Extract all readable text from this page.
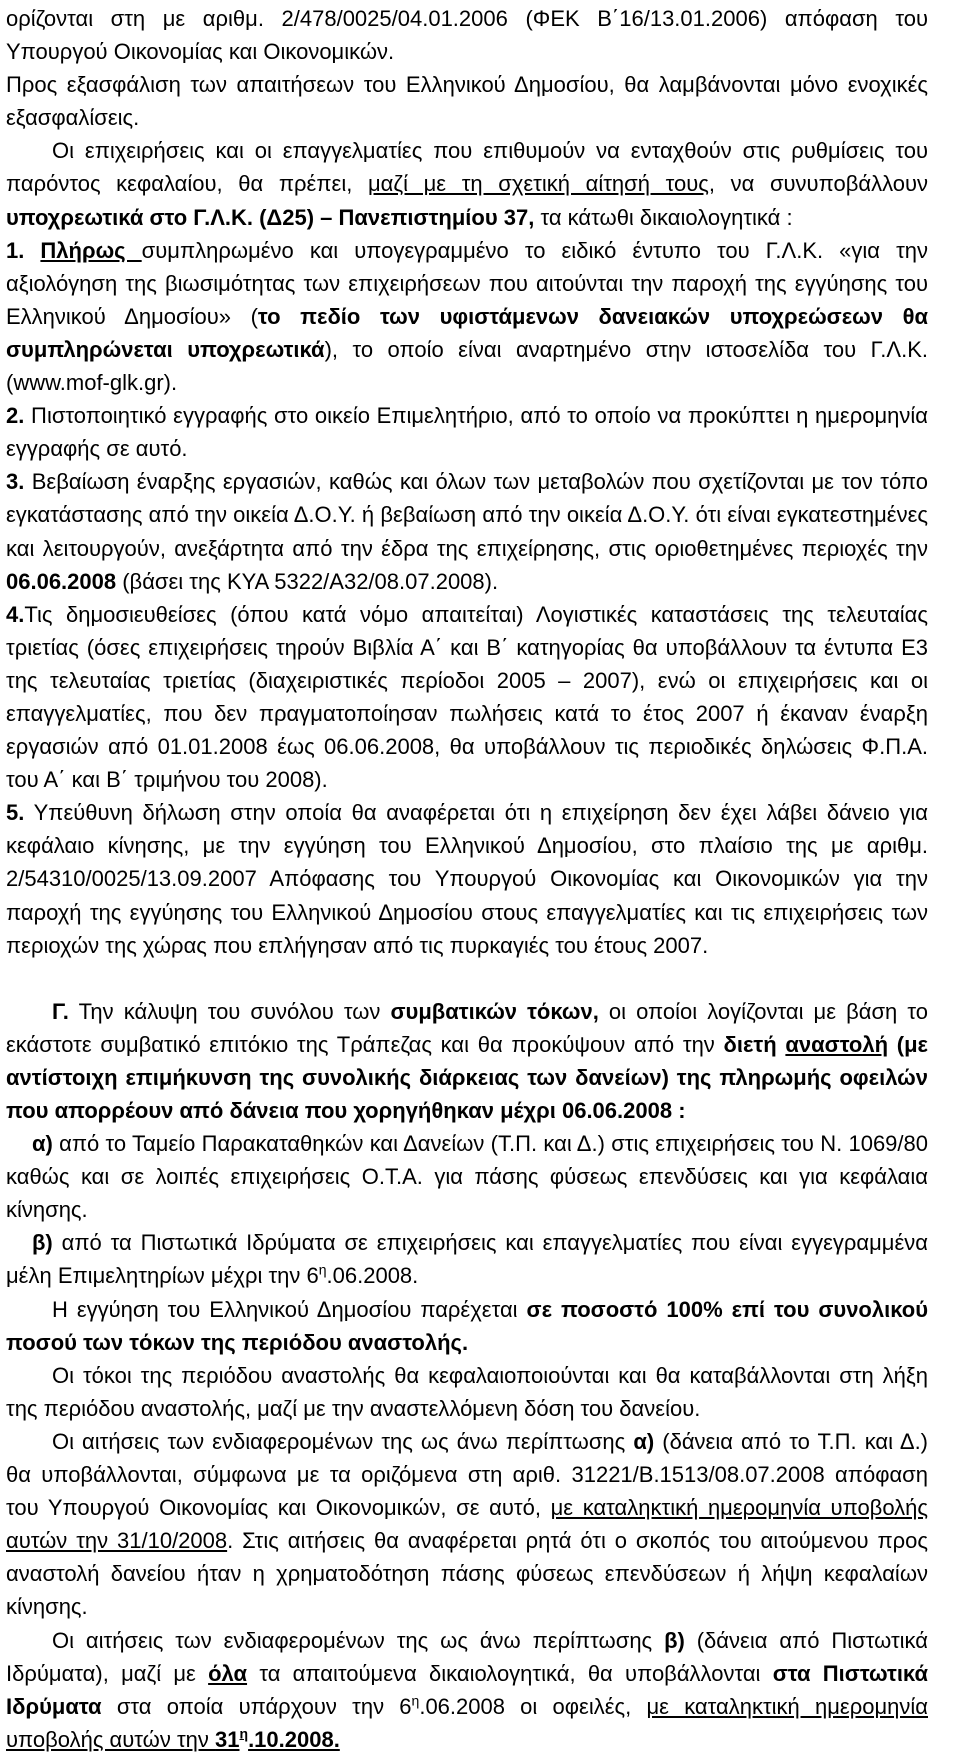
ορίζονται στη με αριθμ. 2/478/0025/04.01.2006 (ΦΕΚ Β΄16/13.01.2006) απόφαση του Υπουργού Οικονομίας και Οικονομικών.

Προς εξασφάλιση των απαιτήσεων του Ελληνικού Δημοσίου, θα λαμβάνονται μόνο ενοχικές εξασφαλίσεις.

Οι επιχειρήσεις και οι επαγγελματίες που επιθυμούν να ενταχθούν στις ρυθμίσεις του παρόντος κεφαλαίου, θα πρέπει, μαζί με τη σχετική αίτησή τους, να συνυποβάλλουν υποχρεωτικά στο Γ.Λ.Κ. (Δ25) – Πανεπιστημίου 37, τα κάτωθι δικαιολογητικά :

1. Πλήρως συμπληρωμένο και υπογεγραμμένο το ειδικό έντυπο του Γ.Λ.Κ. «για την αξιολόγηση της βιωσιμότητας των επιχειρήσεων που αιτούνται την παροχή της εγγύησης του Ελληνικού Δημοσίου» (το πεδίο των υφιστάμενων δανειακών υποχρεώσεων θα συμπληρώνεται υποχρεωτικά), το οποίο είναι αναρτημένο στην ιστοσελίδα του Γ.Λ.Κ. (www.mof-glk.gr).

2. Πιστοποιητικό εγγραφής στο οικείο Επιμελητήριο, από το οποίο να προκύπτει η ημερομηνία εγγραφής σε αυτό.

3. Βεβαίωση έναρξης εργασιών, καθώς και όλων των μεταβολών που σχετίζονται με τον τόπο εγκατάστασης από την οικεία Δ.Ο.Υ. ή βεβαίωση από την οικεία Δ.Ο.Υ. ότι είναι εγκατεστημένες και λειτουργούν, ανεξάρτητα από την έδρα της επιχείρησης, στις οριοθετημένες περιοχές την 06.06.2008 (βάσει της ΚΥΑ 5322/Α32/08.07.2008).

4.Τις δημοσιευθείσες (όπου κατά νόμο απαιτείται) Λογιστικές καταστάσεις της τελευταίας τριετίας (όσες επιχειρήσεις τηρούν Βιβλία Α΄ και Β΄ κατηγορίας θα υποβάλλουν τα έντυπα Ε3 της τελευταίας τριετίας (διαχειριστικές περίοδοι 2005 – 2007), ενώ οι επιχειρήσεις και οι επαγγελματίες, που δεν πραγματοποίησαν πωλήσεις κατά το έτος 2007 ή έκαναν έναρξη εργασιών από 01.01.2008 έως 06.06.2008, θα υποβάλλουν τις περιοδικές δηλώσεις Φ.Π.Α. του Α΄ και Β΄ τριμήνου του 2008).

5. Υπεύθυνη δήλωση στην οποία θα αναφέρεται ότι η επιχείρηση δεν έχει λάβει δάνειο για κεφάλαιο κίνησης, με την εγγύηση του Ελληνικού Δημοσίου, στο πλαίσιο της με αριθμ. 2/54310/0025/13.09.2007 Απόφασης του Υπουργού Οικονομίας και Οικονομικών για την παροχή της εγγύησης του Ελληνικού Δημοσίου στους επαγγελματίες και τις επιχειρήσεις των περιοχών της χώρας που επλήγησαν από τις πυρκαγιές του έτους 2007.

Γ. Την κάλυψη του συνόλου των συμβατικών τόκων, οι οποίοι λογίζονται με βάση το εκάστοτε συμβατικό επιτόκιο της Τράπεζας και θα προκύψουν από την διετή αναστολή (με αντίστοιχη επιμήκυνση της συνολικής διάρκειας των δανείων) της πληρωμής οφειλών που απορρέουν από δάνεια που χορηγήθηκαν μέχρι 06.06.2008 :

α) από το Ταμείο Παρακαταθηκών και Δανείων (Τ.Π. και Δ.) στις επιχειρήσεις του Ν. 1069/80 καθώς και σε λοιπές επιχειρήσεις Ο.Τ.Α. για πάσης φύσεως επενδύσεις και για κεφάλαια κίνησης.

β) από τα Πιστωτικά Ιδρύματα σε επιχειρήσεις και επαγγελματίες που είναι εγγεγραμμένα μέλη Επιμελητηρίων μέχρι την $6^\eta.06.2008$.

Η εγγύηση του Ελληνικού Δημοσίου παρέχεται σε ποσοστό 100% επί του συνολικού ποσού των τόκων της περιόδου αναστολής.

Οι τόκοι της περιόδου αναστολής θα κεφαλαιοποιούνται και θα καταβάλλονται στη λήξη της περιόδου αναστολής, μαζί με την αναστελλόμενη δόση του δανείου.

Οι αιτήσεις των ενδιαφερομένων της ως άνω περίπτωσης α) (δάνεια από το Τ.Π. και Δ.) θα υποβάλλονται, σύμφωνα με τα οριζόμενα στη αριθ. 31221/Β.1513/08.07.2008 απόφαση του Υπουργού Οικονομίας και Οικονομικών, σε αυτό, με καταληκτική ημερομηνία υποβολής αυτών την 31/10/2008. Στις αιτήσεις θα αναφέρεται ρητά ότι ο σκοπός του αιτούμενου προς αναστολή δανείου ήταν η χρηματοδότηση πάσης φύσεως επενδύσεων ή λήψη κεφαλαίων κίνησης.

Οι αιτήσεις των ενδιαφερομένων της ως άνω περίπτωσης β) (δάνεια από Πιστωτικά Ιδρύματα), μαζί με όλα τα απαιτούμενα δικαιολογητικά, θα υποβάλλονται στα Πιστωτικά Ιδρύματα στα οποία υπάρχουν την $6^\eta.06.2008$ οι οφειλές, με καταληκτική ημερομηνία υποβολής αυτών την $31^\eta.10.2008$.
